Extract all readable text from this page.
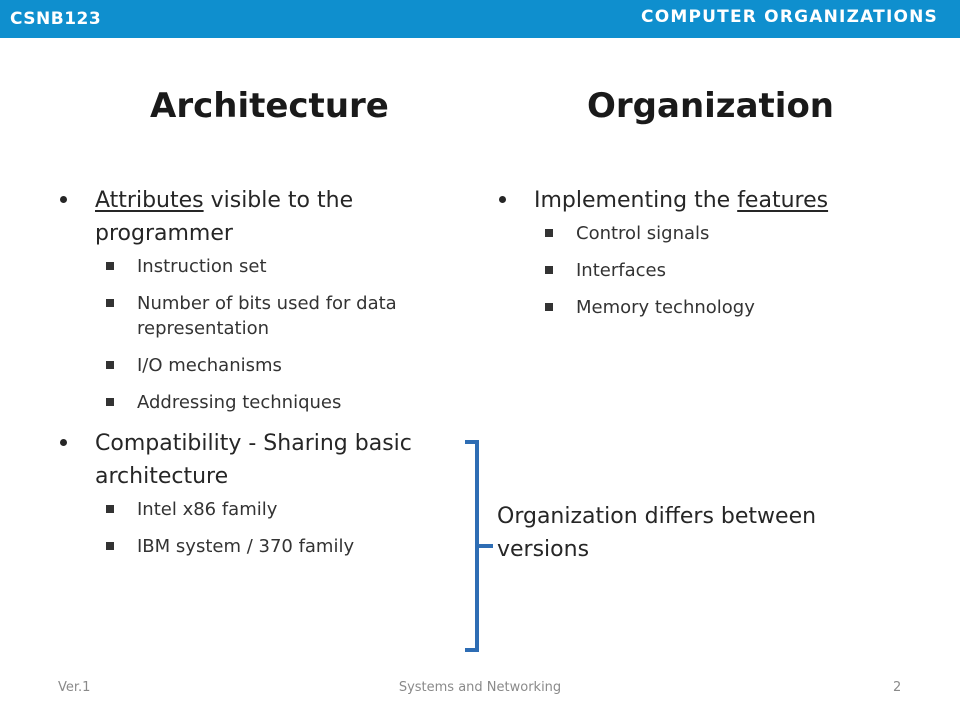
CSNB123	COMPUTER ORGANIZATIONS
Architecture	Organization
Attributes visible to the programmer
Instruction set
Number of bits used for data representation
I/O mechanisms
Addressing techniques
Compatibility - Sharing basic architecture
Intel x86 family
IBM system / 370 family
Implementing the features
Control signals
Interfaces
Memory technology
Organization differs between versions
Ver.1	Systems and Networking	2
